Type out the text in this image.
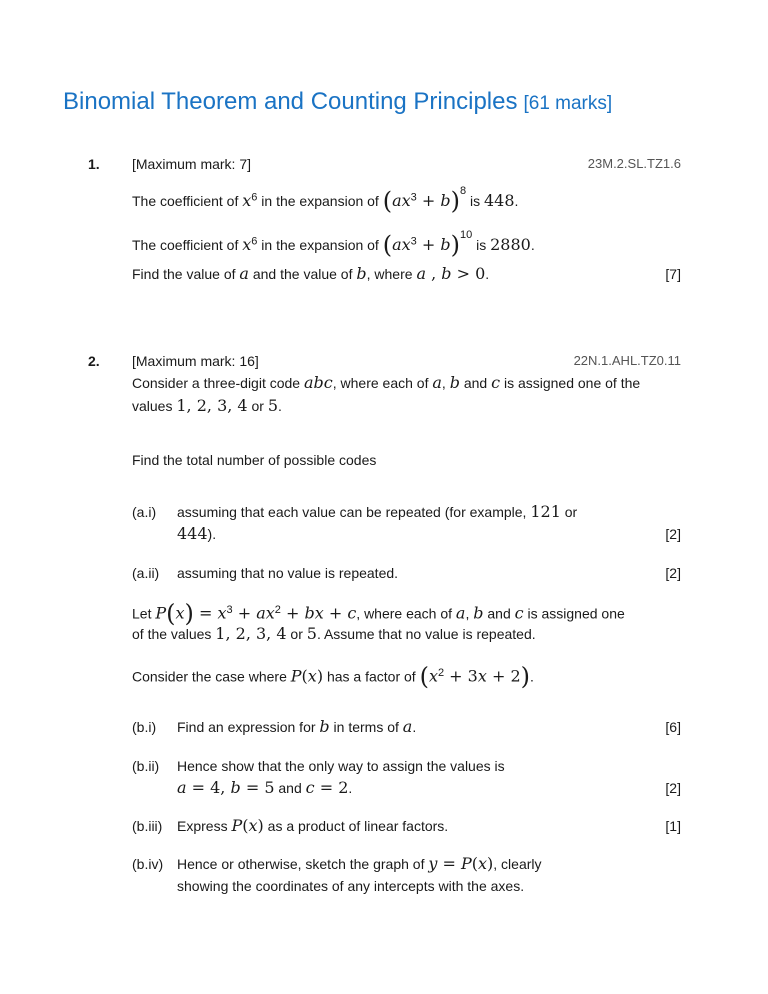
Binomial Theorem and Counting Principles [61 marks]
1. [Maximum mark: 7]	23M.2.SL.TZ1.6
The coefficient of $x^6$ in the expansion of $(ax^3 + b)^8$ is 448.
The coefficient of $x^6$ in the expansion of $(ax^3 + b)^{10}$ is 2880.
Find the value of a and the value of b, where a , b > 0.	[7]
2. [Maximum mark: 16]	22N.1.AHL.TZ0.11
Consider a three-digit code abc, where each of a, b and c is assigned one of the
values 1, 2, 3, 4 or 5.
Find the total number of possible codes
(a.i) assuming that each value can be repeated (for example, 121 or
444).	[2]
(a.ii) assuming that no value is repeated.	[2]
Let $P(x) = x^3 + ax^2$ + bx + c, where each of a, b and c is assigned one
of the values 1, 2, 3, 4 or 5. Assume that no value is repeated.
Consider the case where P(x) has a factor of $(x^2 + 3x + 2)$.
(b.i) Find an expression for b in terms of a.	[6]
(b.ii) Hence show that the only way to assign the values is
a = 4, b = 5 and c = 2.	[2]
(b.iii) Express P(x) as a product of linear factors.	[1]
(b.iv) Hence or otherwise, sketch the graph of y = P(x), clearly
showing the coordinates of any intercepts with the axes.
